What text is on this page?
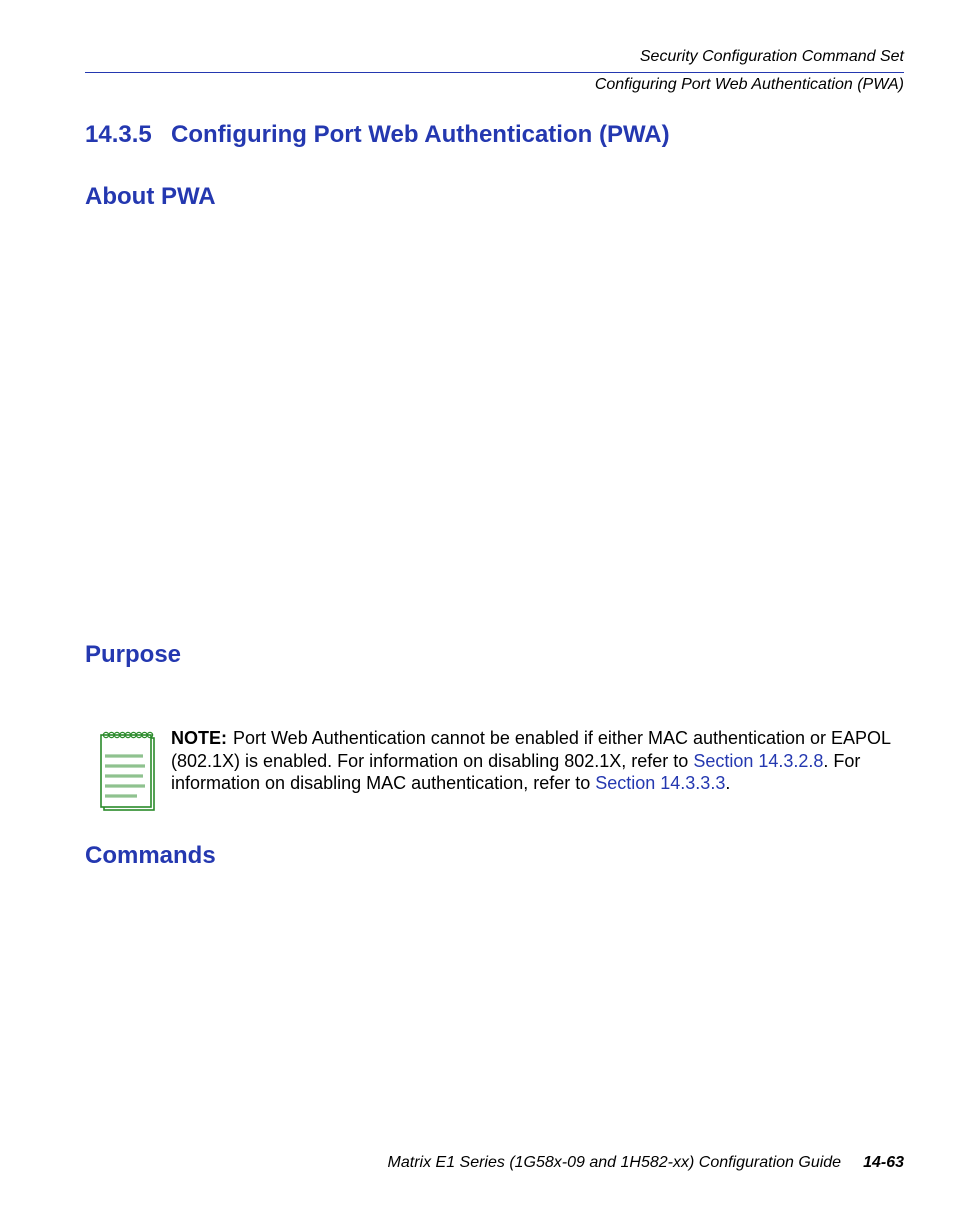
Security Configuration Command Set
Configuring Port Web Authentication (PWA)
14.3.5 Configuring Port Web Authentication (PWA)
About PWA
Purpose
NOTE: Port Web Authentication cannot be enabled if either MAC authentication or EAPOL (802.1X) is enabled. For information on disabling 802.1X, refer to Section 14.3.2.8. For information on disabling MAC authentication, refer to Section 14.3.3.3.
Commands
Matrix E1 Series (1G58x-09 and 1H582-xx) Configuration Guide 14-63
